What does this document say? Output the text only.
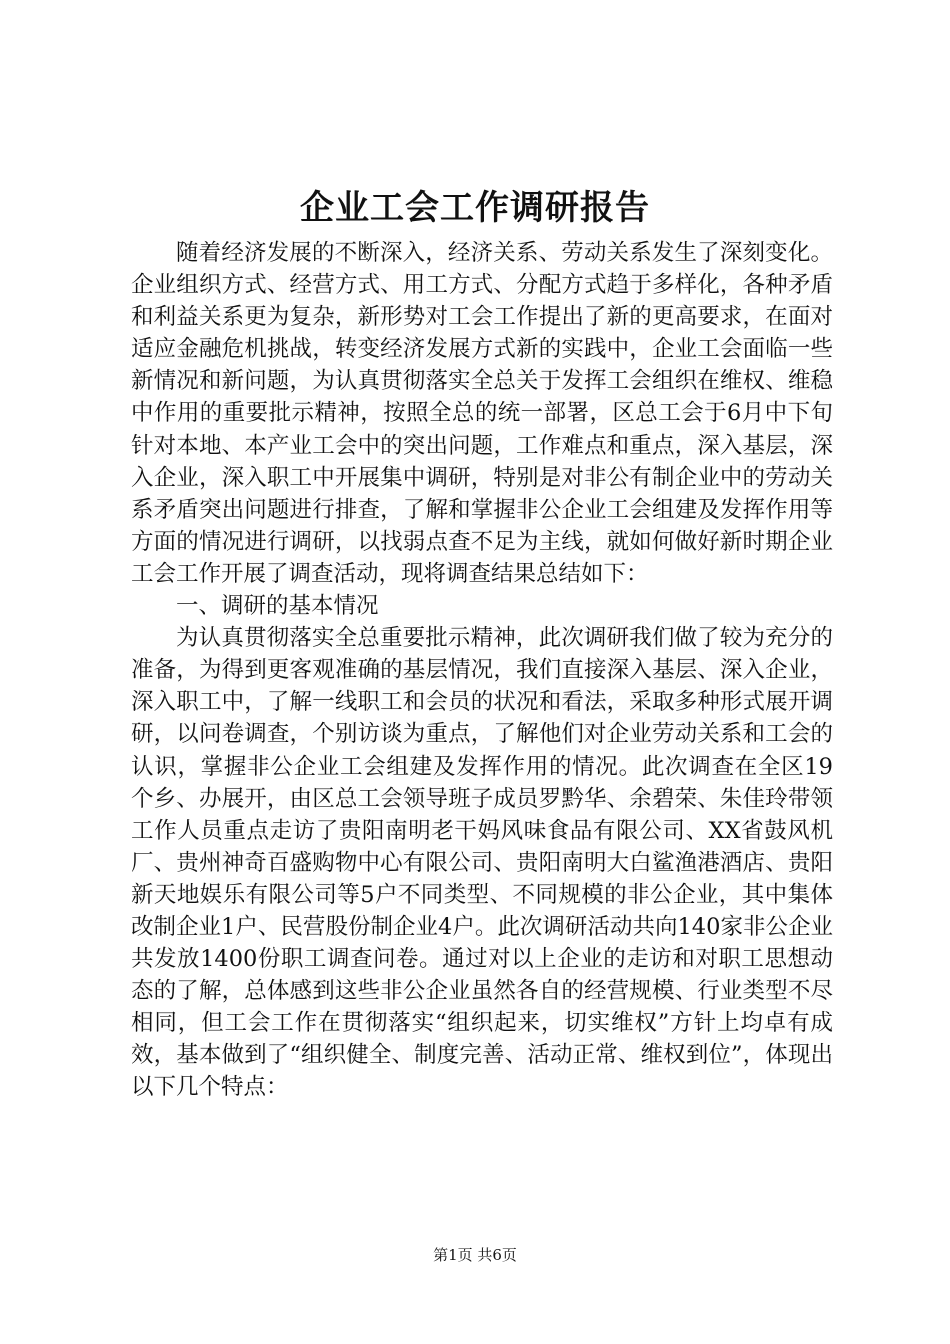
企业工会工作调研报告

随着经济发展的不断深入，经济关系、劳动关系发生了深刻变化。企业组织方式、经营方式、用工方式、分配方式趋于多样化，各种矛盾和利益关系更为复杂，新形势对工会工作提出了新的更高要求，在面对适应金融危机挑战，转变经济发展方式新的实践中，企业工会面临一些新情况和新问题，为认真贯彻落实全总关于发挥工会组织在维权、维稳中作用的重要批示精神，按照全总的统一部署，区总工会于6月中下旬针对本地、本产业工会中的突出问题，工作难点和重点，深入基层，深入企业，深入职工中开展集中调研，特别是对非公有制企业中的劳动关系矛盾突出问题进行排查，了解和掌握非公企业工会组建及发挥作用等方面的情况进行调研，以找弱点查不足为主线，就如何做好新时期企业工会工作开展了调查活动，现将调查结果总结如下：

一、调研的基本情况

为认真贯彻落实全总重要批示精神，此次调研我们做了较为充分的准备，为得到更客观准确的基层情况，我们直接深入基层、深入企业，深入职工中，了解一线职工和会员的状况和看法，采取多种形式展开调研，以问卷调查，个别访谈为重点，了解他们对企业劳动关系和工会的认识，掌握非公企业工会组建及发挥作用的情况。此次调查在全区19个乡、办展开，由区总工会领导班子成员罗黔华、余碧荣、朱佳玲带领工作人员重点走访了贵阳南明老干妈风味食品有限公司、XX省鼓风机厂、贵州神奇百盛购物中心有限公司、贵阳南明大白鲨渔港酒店、贵阳新天地娱乐有限公司等5户不同类型、不同规模的非公企业，其中集体改制企业1户、民营股份制企业4户。此次调研活动共向140家非公企业共发放1400份职工调查问卷。通过对以上企业的走访和对职工思想动态的了解，总体感到这些非公企业虽然各自的经营规模、行业类型不尽相同，但工会工作在贯彻落实“组织起来，切实维权”方针上均卓有成效，基本做到了“组织健全、制度完善、活动正常、维权到位”，体现出以下几个特点：

第1页 共6页
